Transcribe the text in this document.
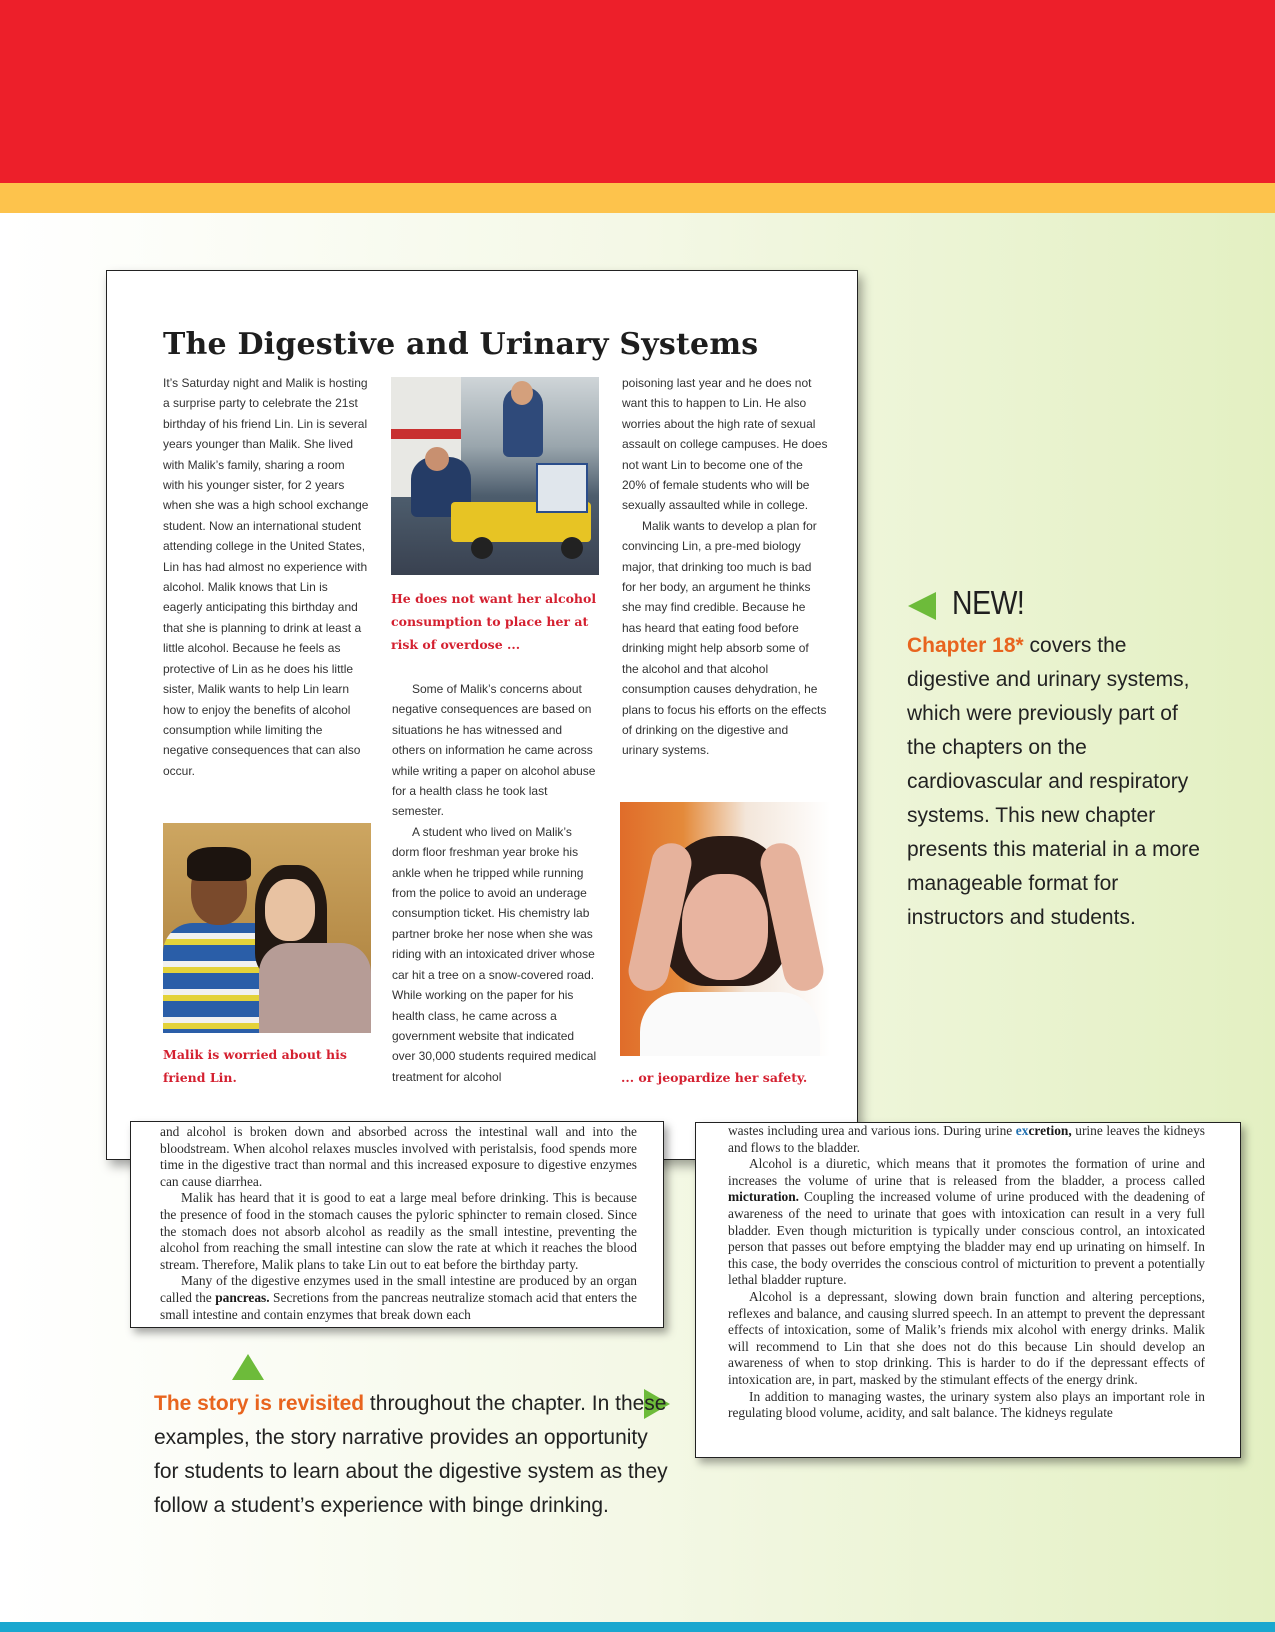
The Digestive and Urinary Systems

It’s Saturday night and Malik is hosting a surprise party to celebrate the 21st birthday of his friend Lin. Lin is several years younger than Malik. She lived with Malik’s family, sharing a room with his younger sister, for 2 years when she was a high school exchange student. Now an international student attending college in the United States, Lin has had almost no experience with alcohol. Malik knows that Lin is eagerly anticipating this birthday and that she is planning to drink at least a little alcohol. Because he feels as protective of Lin as he does his little sister, Malik wants to help Lin learn how to enjoy the benefits of alcohol consumption while limiting the negative consequences that can also occur.

He does not want her alcohol consumption to place her at risk of overdose ...

Some of Malik’s concerns about negative consequences are based on situations he has witnessed and others on information he came across while writing a paper on alcohol abuse for a health class he took last semester.

A student who lived on Malik’s dorm floor freshman year broke his ankle when he tripped while running from the police to avoid an underage consumption ticket. His chemistry lab partner broke her nose when she was riding with an intoxicated driver whose car hit a tree on a snow-covered road. While working on the paper for his health class, he came across a government website that indicated over 30,000 students required medical treatment for alcohol

poisoning last year and he does not want this to happen to Lin. He also worries about the high rate of sexual assault on college campuses. He does not want Lin to become one of the 20% of female students who will be sexually assaulted while in college.

Malik wants to develop a plan for convincing Lin, a pre-med biology major, that drinking too much is bad for her body, an argument he thinks she may find credible. Because he has heard that eating food before drinking might help absorb some of the alcohol and that alcohol consumption causes dehydration, he plans to focus his efforts on the effects of drinking on the digestive and urinary systems.

Malik is worried about his friend Lin.	... or jeopardize her safety.

and alcohol is broken down and absorbed across the intestinal wall and into the bloodstream. When alcohol relaxes muscles involved with peristalsis, food spends more time in the digestive tract than normal and this increased exposure to digestive enzymes can cause diarrhea.

Malik has heard that it is good to eat a large meal before drinking. This is because the presence of food in the stomach causes the pyloric sphincter to remain closed. Since the stomach does not absorb alcohol as readily as the small intestine, preventing the alcohol from reaching the small intestine can slow the rate at which it reaches the blood stream. Therefore, Malik plans to take Lin out to eat before the birthday party.

Many of the digestive enzymes used in the small intestine are produced by an organ called the pancreas. Secretions from the pancreas neutralize stomach acid that enters the small intestine and contain enzymes that break down each

wastes including urea and various ions. During urine excretion, urine leaves the kidneys and flows to the bladder.

Alcohol is a diuretic, which means that it promotes the formation of urine and increases the volume of urine that is released from the bladder, a process called micturation. Coupling the increased volume of urine produced with the deadening of awareness of the need to urinate that goes with intoxication can result in a very full bladder. Even though micturition is typically under conscious control, an intoxicated person that passes out before emptying the bladder may end up urinating on himself. In this case, the body overrides the conscious control of micturition to prevent a potentially lethal bladder rupture.

Alcohol is a depressant, slowing down brain function and altering perceptions, reflexes and balance, and causing slurred speech. In an attempt to prevent the depressant effects of intoxication, some of Malik’s friends mix alcohol with energy drinks. Malik will recommend to Lin that she does not do this because Lin should develop an awareness of when to stop drinking. This is harder to do if the depressant effects of intoxication are, in part, masked by the stimulant effects of the energy drink.

In addition to managing wastes, the urinary system also plays an important role in regulating blood volume, acidity, and salt balance. The kidneys regulate

NEW!

Chapter 18* covers the digestive and urinary systems, which were previously part of the chapters on the cardiovascular and respiratory systems. This new chapter presents this material in a more manageable format for instructors and students.

The story is revisited throughout the chapter. In these examples, the story narrative provides an opportunity for students to learn about the digestive system as they follow a student’s experience with binge drinking.
